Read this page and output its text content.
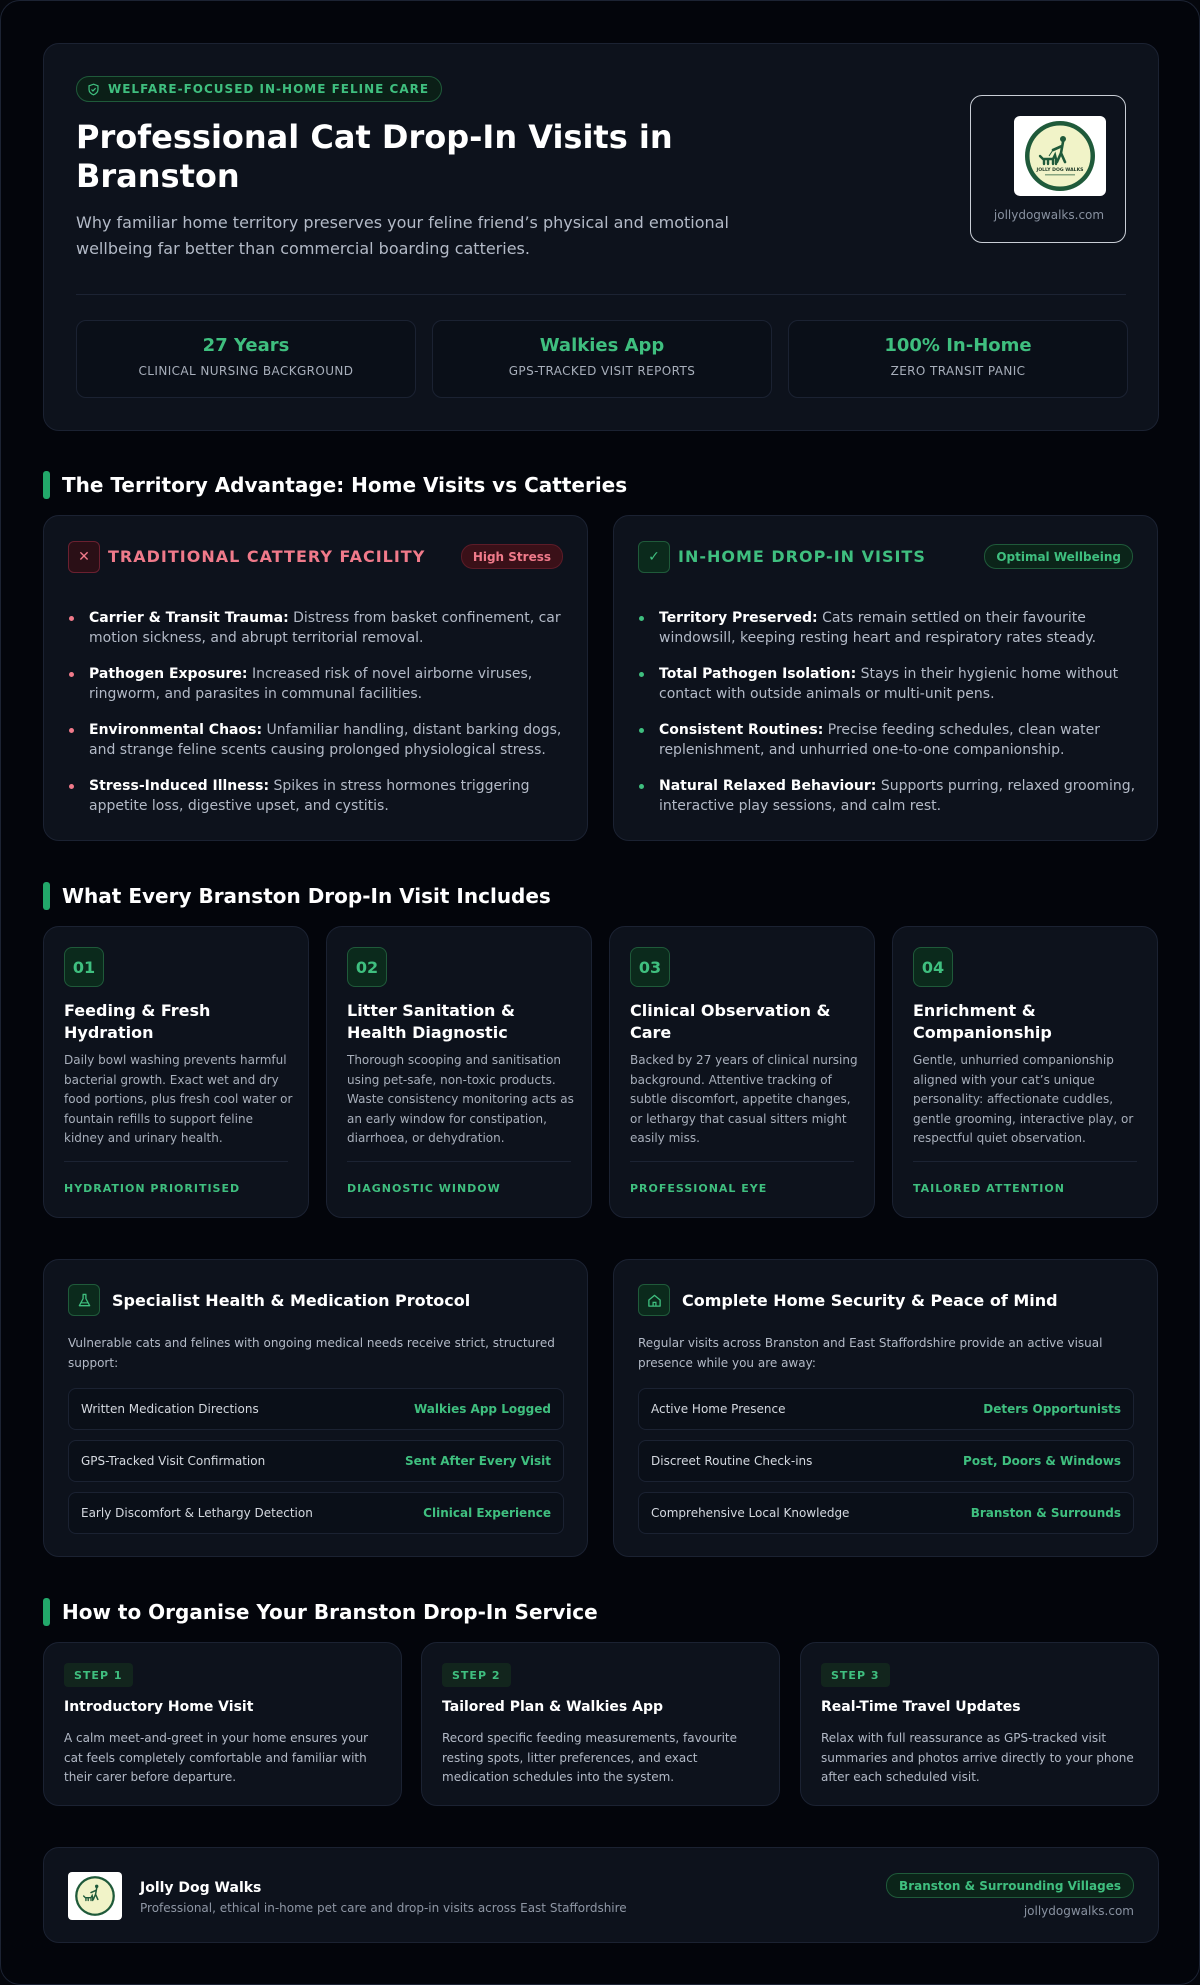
WELFARE-FOCUSED IN-HOME FELINE CARE
Professional Cat Drop-In Visits in Branston

Why familiar home territory preserves your feline friend’s physical and emotional wellbeing far better than commercial boarding catteries.

JOLLY DOG WALKS
jollydogwalks.com
27 Years
CLINICAL NURSING BACKGROUND
Walkies App
GPS-TRACKED VISIT REPORTS
100% In-Home
ZERO TRANSIT PANIC
The Territory Advantage: Home Visits vs Catteries
✕	TRADITIONAL CATTERY FACILITY	High Stress
Carrier & Transit Trauma: Distress from basket confinement, car motion sickness, and abrupt territorial removal.
Pathogen Exposure: Increased risk of novel airborne viruses, ringworm, and parasites in communal facilities.
Environmental Chaos: Unfamiliar handling, distant barking dogs, and strange feline scents causing prolonged physiological stress.
Stress-Induced Illness: Spikes in stress hormones triggering appetite loss, digestive upset, and cystitis.
✓	IN-HOME DROP-IN VISITS	Optimal Wellbeing
Territory Preserved: Cats remain settled on their favourite windowsill, keeping resting heart and respiratory rates steady.
Total Pathogen Isolation: Stays in their hygienic home without contact with outside animals or multi-unit pens.
Consistent Routines: Precise feeding schedules, clean water replenishment, and unhurried one-to-one companionship.
Natural Relaxed Behaviour: Supports purring, relaxed grooming, interactive play sessions, and calm rest.
What Every Branston Drop-In Visit Includes
01
Feeding & Fresh Hydration

Daily bowl washing prevents harmful bacterial growth. Exact wet and dry food portions, plus fresh cool water or fountain refills to support feline kidney and urinary health.

HYDRATION PRIORITISED
02
Litter Sanitation & Health Diagnostic

Thorough scooping and sanitisation using pet-safe, non-toxic products. Waste consistency monitoring acts as an early window for constipation, diarrhoea, or dehydration.

DIAGNOSTIC WINDOW
03
Clinical Observation & Care

Backed by 27 years of clinical nursing background. Attentive tracking of subtle discomfort, appetite changes, or lethargy that casual sitters might easily miss.

PROFESSIONAL EYE
04
Enrichment & Companionship

Gentle, unhurried companionship aligned with your cat’s unique personality: affectionate cuddles, gentle grooming, interactive play, or respectful quiet observation.

TAILORED ATTENTION
Specialist Health & Medication Protocol

Vulnerable cats and felines with ongoing medical needs receive strict, structured support:

Written Medication Directions	Walkies App Logged
GPS-Tracked Visit Confirmation	Sent After Every Visit
Early Discomfort & Lethargy Detection	Clinical Experience
Complete Home Security & Peace of Mind

Regular visits across Branston and East Staffordshire provide an active visual presence while you are away:

Active Home Presence	Deters Opportunists
Discreet Routine Check-ins	Post, Doors & Windows
Comprehensive Local Knowledge	Branston & Surrounds
How to Organise Your Branston Drop-In Service
STEP 1
Introductory Home Visit

A calm meet-and-greet in your home ensures your cat feels completely comfortable and familiar with their carer before departure.

STEP 2
Tailored Plan & Walkies App

Record specific feeding measurements, favourite resting spots, litter preferences, and exact medication schedules into the system.

STEP 3
Real-Time Travel Updates

Relax with full reassurance as GPS-tracked visit summaries and photos arrive directly to your phone after each scheduled visit.

Jolly Dog Walks
Professional, ethical in-home pet care and drop-in visits across East Staffordshire
Branston & Surrounding Villages
jollydogwalks.com
